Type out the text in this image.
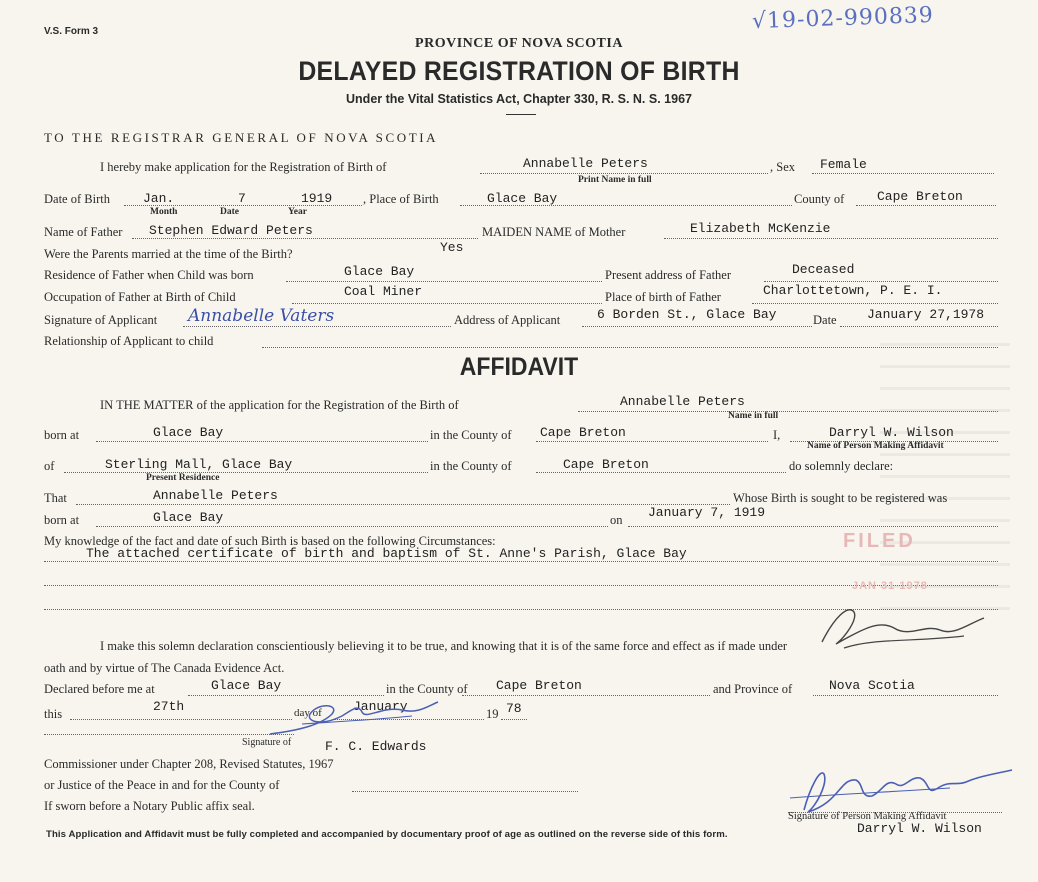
V.S. Form 3	√19-02-990839
PROVINCE OF NOVA SCOTIA
DELAYED REGISTRATION OF BIRTH
Under the Vital Statistics Act, Chapter 330, R. S. N. S. 1967
TO THE REGISTRAR GENERAL OF NOVA SCOTIA
I hereby make application for the Registration of Birth of	Annabelle Peters
Print Name in full
, Sex Female
Date of Birth	Jan.	7	1919
Month	Date	Year
, Place of Birth	Glace Bay	County of	Cape Breton
Name of Father Stephen Edward Peters	MAIDEN NAME of Mother	Elizabeth McKenzie
Were the Parents married at the time of the Birth?	Yes
Residence of Father when Child was born	Glace Bay	Present address of Father	Deceased
Occupation of Father at Birth of Child	Coal Miner	Place of birth of Father	Charlottetown, P. E. I.
Signature of Applicant Annabelle Vaters	Address of Applicant	6 Borden St., Glace Bay	Date January 27,1978
Relationship of Applicant to child
AFFIDAVIT
IN THE MATTER of the application for the Registration of the Birth of	Annabelle Peters
Name in full
born at	Glace Bay	in the County of Cape Breton	I,	Darryl W. Wilson
Name of Person Making Affidavit
of	Sterling Mall, Glace Bay
Present Residence
in the County of	Cape Breton	do solemnly declare:
That	Annabelle Peters	Whose Birth is sought to be registered was
born at	Glace Bay	on January 7, 1919
My knowledge of the fact and date of such Birth is based on the following Circumstances:
The attached certificate of birth and baptism of St. Anne's Parish, Glace Bay
FILED
JAN 31 1978
I make this solemn declaration conscientiously believing it to be true, and knowing that it is of the same force and effect as if made under
oath and by virtue of The Canada Evidence Act.
Declared before me at	Glace Bay	in the County of Cape Breton	and Province of	Nova Scotia
this	27th	day of January	19 78
Signature of	F. C. Edwards
Commissioner under Chapter 208, Revised Statutes, 1967
or Justice of the Peace in and for the County of
If sworn before a Notary Public affix seal.
Signature of Person Making Affidavit
Darryl W. Wilson
This Application and Affidavit must be fully completed and accompanied by documentary proof of age as outlined on the reverse side of this form.
